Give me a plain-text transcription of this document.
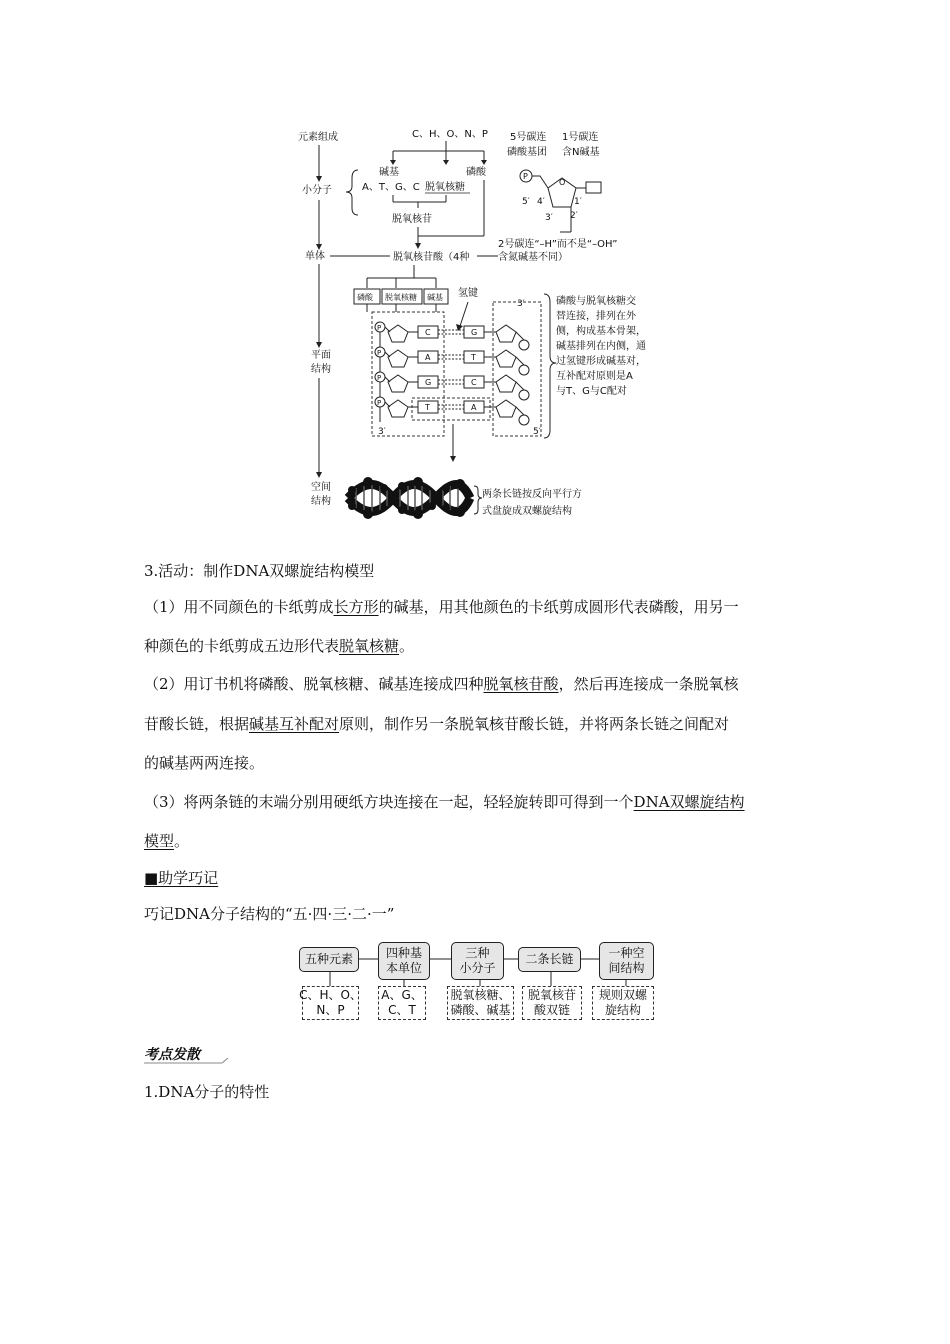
元素组成
小分子
单体
平面
结构
空间
结构
C、H、O、N、P
碱基	磷酸
A、T、G、C 脱氧核糖
脱氧核苷
脱氧核苷酸（4种	含氮碱基不同）
5号碳连
磷酸基团
1号碳连
含N碱基
P
O
5′ 4′	1′
3′ 2′
2号碳连“–H”而不是“–OH”
磷酸 脱氧核糖 碱基 氢键
P
P
P
P
C	G
A	T
G	C
T	A
3′
3′	5′
磷酸与脱氧核糖交
替连接，排列在外
侧，构成基本骨架，
碱基排列在内侧，通
过氢键形成碱基对，
互补配对原则是A
与T、G与C配对
两条长链按反向平行方
式盘旋成双螺旋结构
3.活动：制作DNA双螺旋结构模型
（1）用不同颜色的卡纸剪成长方形的碱基，用其他颜色的卡纸剪成圆形代表磷酸，用另一
种颜色的卡纸剪成五边形代表脱氧核糖。
（2）用订书机将磷酸、脱氧核糖、碱基连接成四种脱氧核苷酸，然后再连接成一条脱氧核
苷酸长链，根据碱基互补配对原则，制作另一条脱氧核苷酸长链，并将两条长链之间配对
的碱基两两连接。
（3）将两条链的末端分别用硬纸方块连接在一起，轻轻旋转即可得到一个DNA双螺旋结构
模型。
■助学巧记
巧记DNA分子结构的“五·四·三·二·一”
五种元素	四种基
本单位
三种
小分子
二条长链	一种空
间结构
C、H、O、
N、P
A、G、
C、T
脱氧核糖、
磷酸、碱基
脱氧核苷
酸双链
规则双螺
旋结构
考点发散
1.DNA分子的特性
